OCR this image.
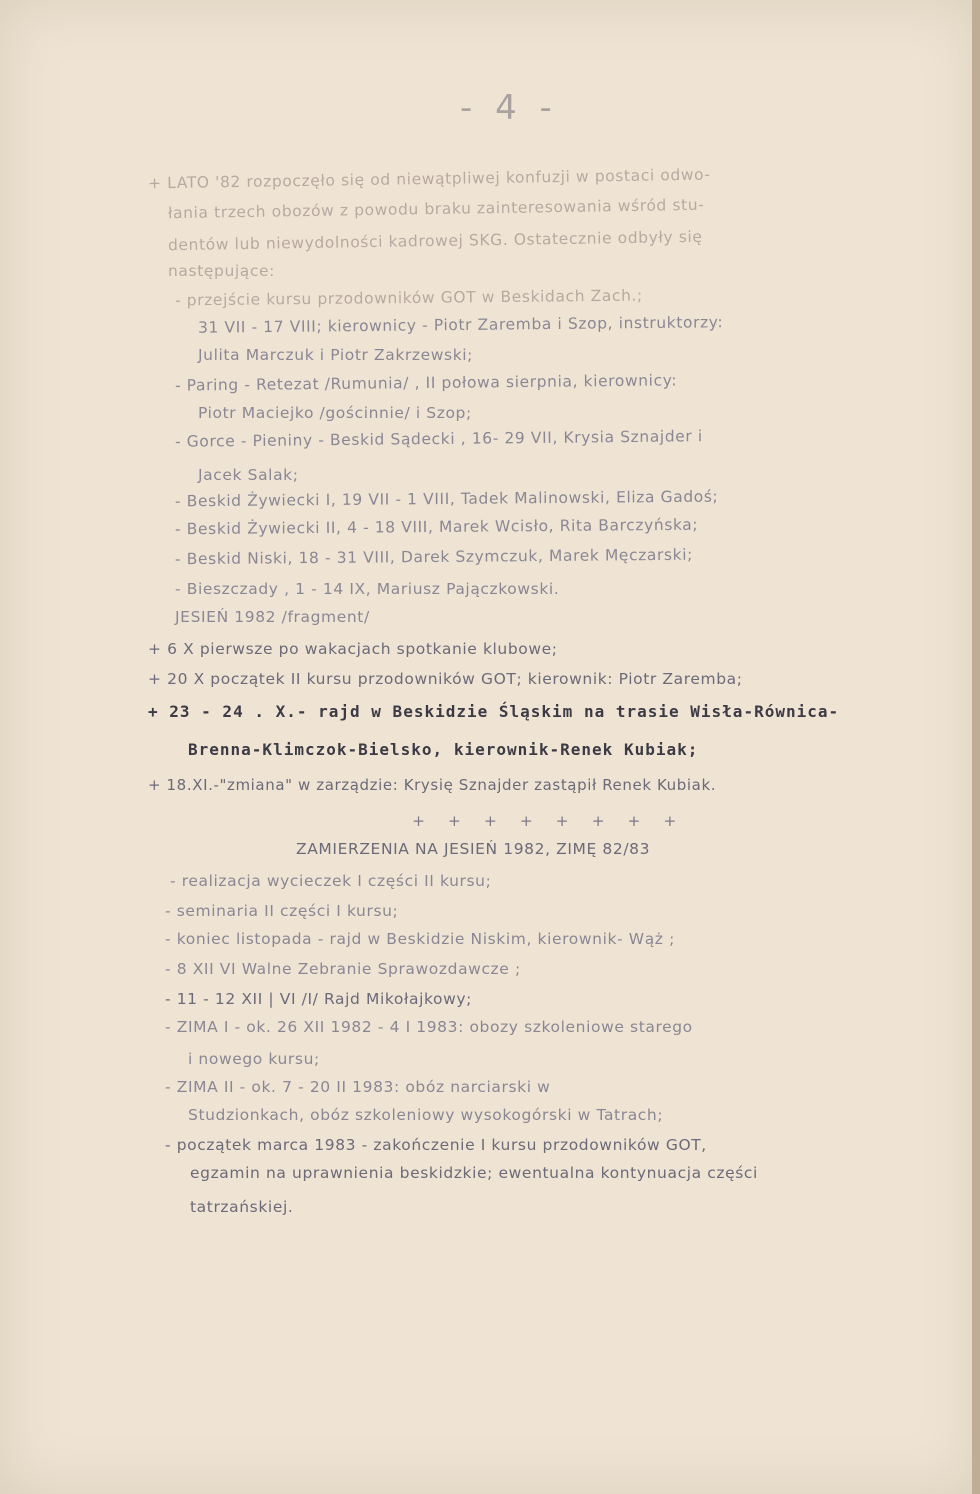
- 4 -
+ LATO '82 rozpoczęło się od niewątpliwej konfuzji w postaci odwo-
łania trzech obozów z powodu braku zainteresowania wśród stu-
dentów lub niewydolności kadrowej SKG. Ostatecznie odbyły się
następujące:
- przejście kursu przodowników GOT w Beskidach Zach.;
31 VII - 17 VIII; kierownicy - Piotr Zaremba i Szop, instruktorzy:
Julita Marczuk i Piotr Zakrzewski;
- Paring - Retezat /Rumunia/ , II połowa sierpnia, kierownicy:
Piotr Maciejko /gościnnie/ i Szop;
- Gorce - Pieniny - Beskid Sądecki , 16- 29 VII, Krysia Sznajder i
Jacek Salak;
- Beskid Żywiecki I, 19 VII - 1 VIII, Tadek Malinowski, Eliza Gadoś;
- Beskid Żywiecki II, 4 - 18 VIII, Marek Wcisło, Rita Barczyńska;
- Beskid Niski, 18 - 31 VIII, Darek Szymczuk, Marek Męczarski;
- Bieszczady , 1 - 14 IX, Mariusz Pajączkowski.
JESIEŃ 1982 /fragment/
+ 6 X pierwsze po wakacjach spotkanie klubowe;
+ 20 X początek II kursu przodowników GOT; kierownik: Piotr Zaremba;
+ 23 - 24 . X.- rajd w Beskidzie Śląskim na trasie Wisła-Równica-
Brenna-Klimczok-Bielsko, kierownik-Renek Kubiak;
+ 18.XI.-"zmiana" w zarządzie: Krysię Sznajder zastąpił Renek Kubiak.
+ + + + + + + +
ZAMIERZENIA NA JESIEŃ 1982, ZIMĘ 82/83
- realizacja wycieczek I części II kursu;
- seminaria II części I kursu;
- koniec listopada - rajd w Beskidzie Niskim, kierownik- Wąż ;
- 8 XII VI Walne Zebranie Sprawozdawcze ;
- 11 - 12 XII | VI /I/ Rajd Mikołajkowy;
- ZIMA I - ok. 26 XII 1982 - 4 I 1983: obozy szkoleniowe starego
i nowego kursu;
- ZIMA II - ok. 7 - 20 II 1983: obóz narciarski w
Studzionkach, obóz szkoleniowy wysokogórski w Tatrach;
- początek marca 1983 - zakończenie I kursu przodowników GOT,
egzamin na uprawnienia beskidzkie; ewentualna kontynuacja części
tatrzańskiej.
